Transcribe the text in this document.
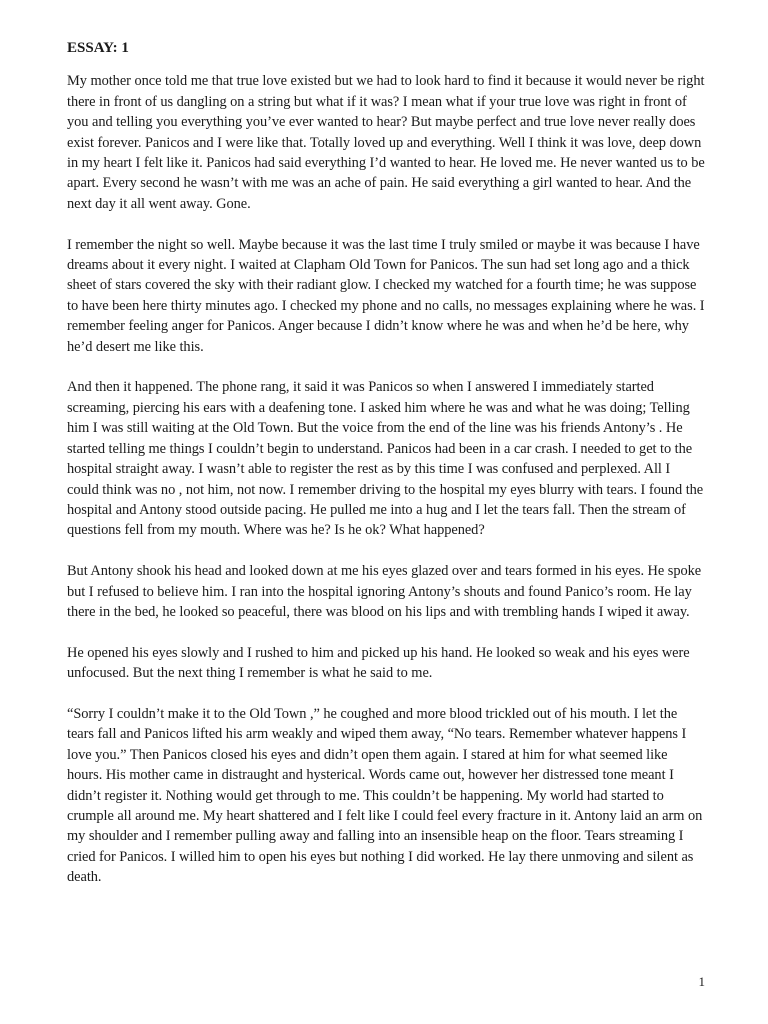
ESSAY: 1

My mother once told me that true love existed but we had to look hard to find it because it would never be right there in front of us dangling on a string but what if it was? I mean what if your true love was right in front of you and telling you everything you’ve ever wanted to hear? But maybe perfect and true love never really does exist forever. Panicos and I were like that. Totally loved up and everything. Well I think it was love, deep down in my heart I felt like it. Panicos had said everything I’d wanted to hear. He loved me. He never wanted us to be apart. Every second he wasn’t with me was an ache of pain. He said everything a girl wanted to hear. And the next day it all went away. Gone.

I remember the night so well. Maybe because it was the last time I truly smiled or maybe it was because I have dreams about it every night. I waited at Clapham Old Town for Panicos. The sun had set long ago and a thick sheet of stars covered the sky with their radiant glow. I checked my watched for a fourth time; he was suppose to have been here thirty minutes ago. I checked my phone and no calls, no messages explaining where he was. I remember feeling anger for Panicos. Anger because I didn’t know where he was and when he’d be here, why he’d desert me like this.

And then it happened. The phone rang, it said it was Panicos so when I answered I immediately started screaming, piercing his ears with a deafening tone. I asked him where he was and what he was doing; Telling him I was still waiting at the Old Town. But the voice from the end of the line was his friends Antony’s . He started telling me things I couldn’t begin to understand. Panicos had been in a car crash. I needed to get to the hospital straight away. I wasn’t able to register the rest as by this time I was confused and perplexed. All I could think was no , not him, not now. I remember driving to the hospital my eyes blurry with tears. I found the hospital and Antony stood outside pacing. He pulled me into a hug and I let the tears fall. Then the stream of questions fell from my mouth. Where was he? Is he ok? What happened?

But Antony shook his head and looked down at me his eyes glazed over and tears formed in his eyes. He spoke but I refused to believe him. I ran into the hospital ignoring Antony’s shouts and found Panico’s room. He lay there in the bed, he looked so peaceful, there was blood on his lips and with trembling hands I wiped it away.

He opened his eyes slowly and I rushed to him and picked up his hand. He looked so weak and his eyes were unfocused. But the next thing I remember is what he said to me.

“Sorry I couldn’t make it to the Old Town ,” he coughed and more blood trickled out of his mouth. I let the tears fall and Panicos lifted his arm weakly and wiped them away, “No tears. Remember whatever happens I love you.” Then Panicos closed his eyes and didn’t open them again. I stared at him for what seemed like hours. His mother came in distraught and hysterical. Words came out, however her distressed tone meant I didn’t register it. Nothing would get through to me. This couldn’t be happening. My world had started to crumple all around me. My heart shattered and I felt like I could feel every fracture in it. Antony laid an arm on my shoulder and I remember pulling away and falling into an insensible heap on the floor. Tears streaming I cried for Panicos. I willed him to open his eyes but nothing I did worked. He lay there unmoving and silent as death.

1
